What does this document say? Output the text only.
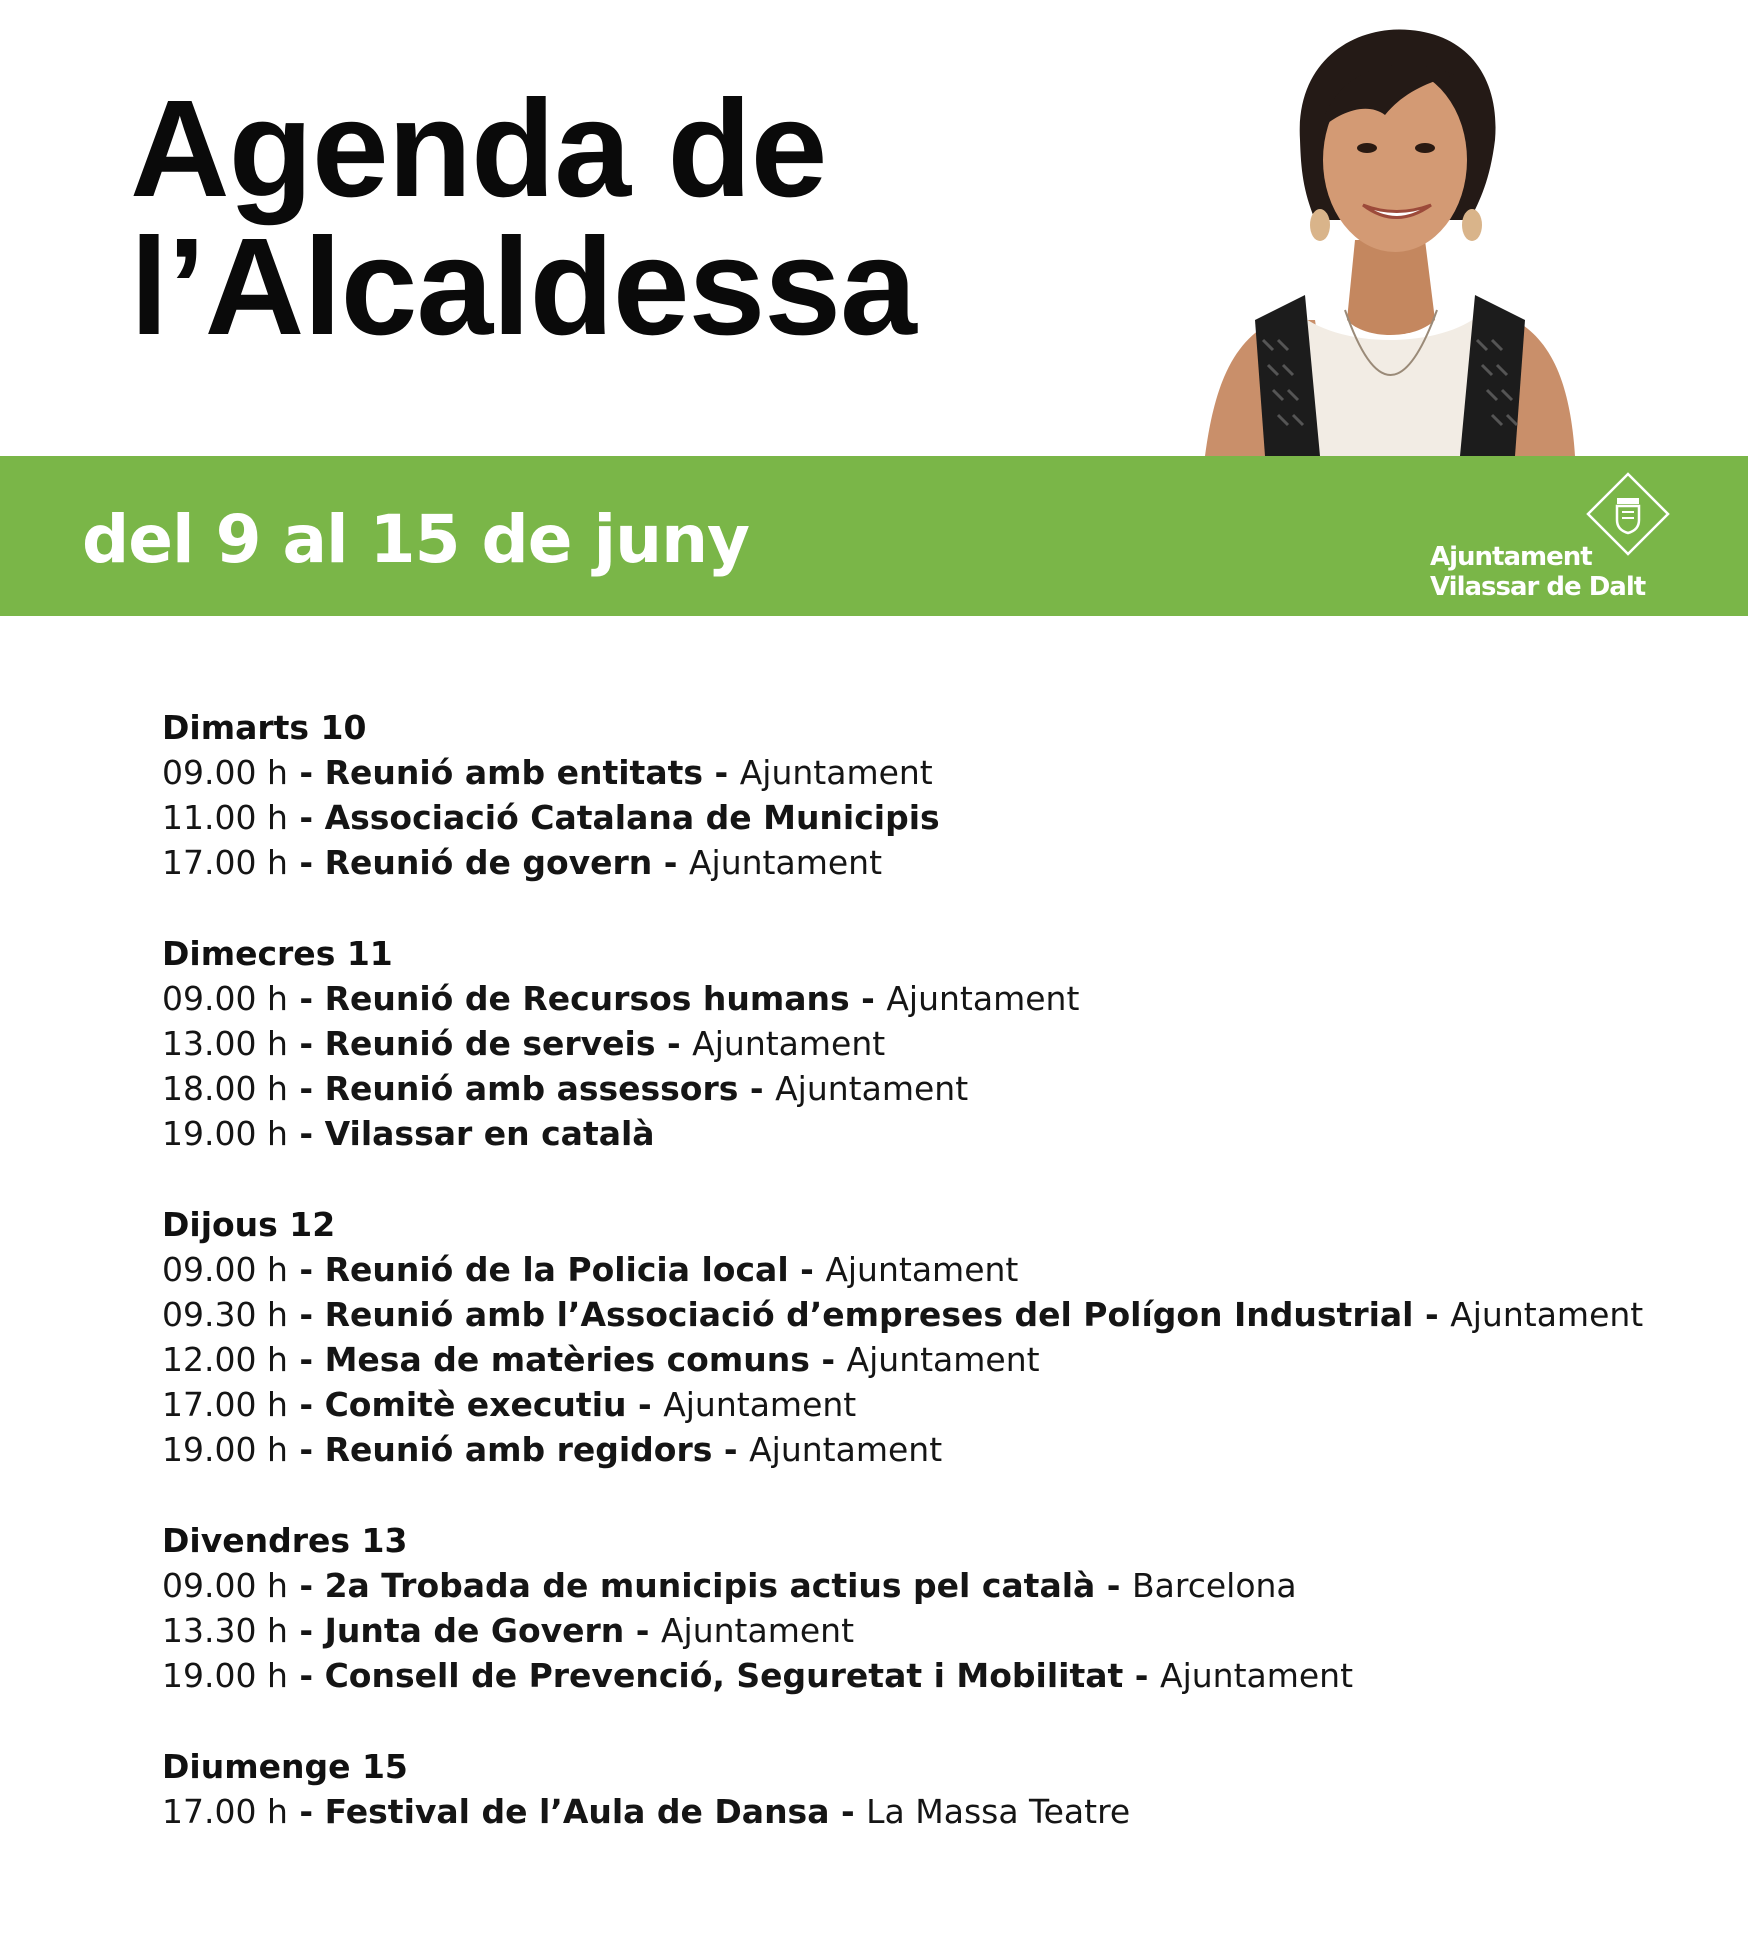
Agenda de
l’Alcaldessa

del 9 al 15 de juny	Ajuntament
Vilassar de Dalt
Dimarts 10
09.00 h - Reunió amb entitats - Ajuntament
11.00 h - Associació Catalana de Municipis
17.00 h - Reunió de govern - Ajuntament
Dimecres 11
09.00 h - Reunió de Recursos humans - Ajuntament
13.00 h - Reunió de serveis - Ajuntament
18.00 h - Reunió amb assessors - Ajuntament
19.00 h - Vilassar en català
Dijous 12
09.00 h - Reunió de la Policia local - Ajuntament
09.30 h - Reunió amb l’Associació d’empreses del Polígon Industrial - Ajuntament
12.00 h - Mesa de matèries comuns - Ajuntament
17.00 h - Comitè executiu - Ajuntament
19.00 h - Reunió amb regidors - Ajuntament
Divendres 13
09.00 h - 2a Trobada de municipis actius pel català - Barcelona
13.30 h - Junta de Govern - Ajuntament
19.00 h - Consell de Prevenció, Seguretat i Mobilitat - Ajuntament
Diumenge 15
17.00 h - Festival de l’Aula de Dansa - La Massa Teatre
